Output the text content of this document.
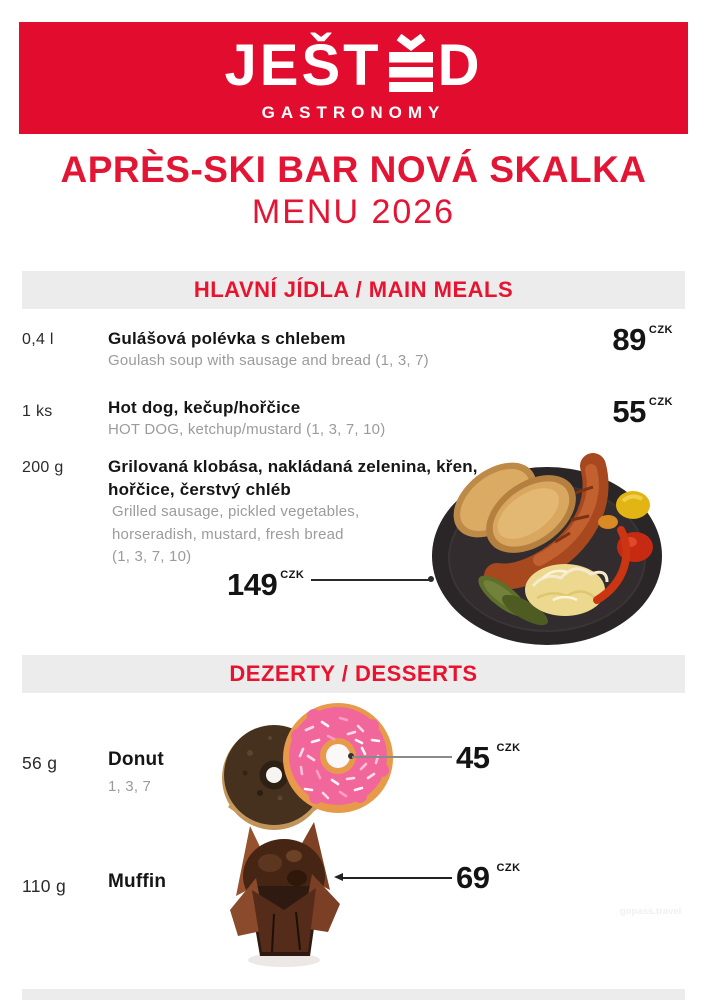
JEŠT D
GASTRONOMY
APRÈS-SKI BAR NOVÁ SKALKA
MENU 2026
HLAVNÍ JÍDLA / MAIN MEALS
0,4 l	Gulášová polévka s chlebem
Goulash soup with sausage and bread (1, 3, 7)
89 $^{CZK}$
1 ks	Hot dog, kečup/hořčice
HOT DOG, ketchup/mustard (1, 3, 7, 10)
55 $^{CZK}$
200 g	Grilovaná klobása, nakládaná zelenina, křen,
hořčice, čerstvý chléb
Grilled sausage, pickled vegetables,
horseradish, mustard, fresh bread
(1, 3, 7, 10)
149 $^{CZK}$
DEZERTY / DESSERTS
56 g	Donut
1, 3, 7
45 $^{CZK}$
110 g Muffin	69 $^{CZK}$
gopass.travel
